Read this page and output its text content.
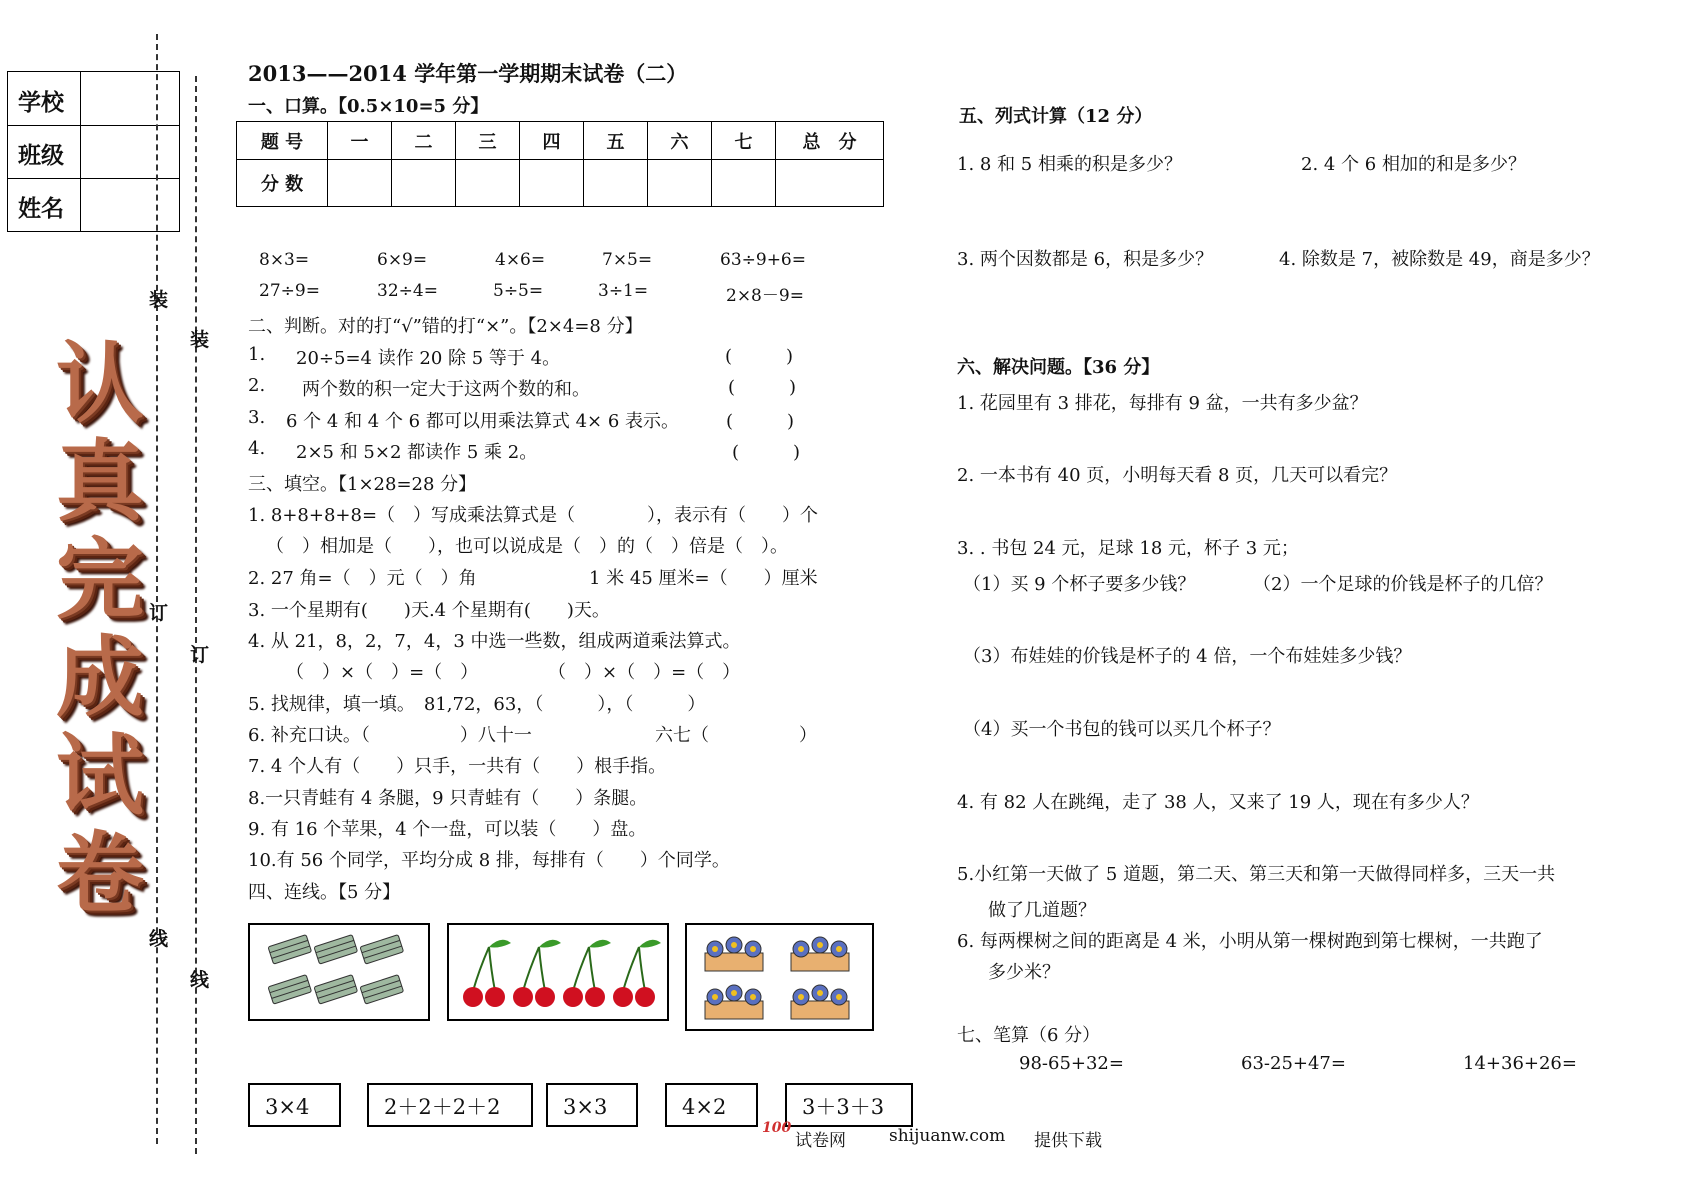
学校
班级
姓名
装
订
线
装
订
线
认
真
完
成
试
卷
2013——2014 学年第一学期期末试卷（二）
一、口算。【0.5×10=5 分】
题 号	一	二	三	四	五	六	七	总　分
分 数								
8×3=	6×9=	4×6=	7×5=	63÷9+6=
27÷9=	32÷4=	5÷5=	3÷1=	2×8－9=
二、判断。对的打“√”错的打“×”。【2×4=8 分】
1. 20÷5=4 读作 20 除 5 等于 4。	(　　　)
2. 两个数的积一定大于这两个数的和。	(　　　)
3. 6 个 4 和 4 个 6 都可以用乘法算式 4× 6 表示。	(　　　)
4. 2×5 和 5×2 都读作 5 乘 2。	(　　　)
三、填空。【1×28=28 分】
1. 8+8+8+8=（　）写成乘法算式是（　　　　），表示有（　　）个
（　）相加是（　　），也可以说成是（　）的（　）倍是（　）。
2. 27 角=（　）元（　）角	1 米 45 厘米=（　　）厘米
3. 一个星期有(　　)天.4 个星期有(　　)天。
4. 从 21，8，2，7，4，3 中选一些数，组成两道乘法算式。
（　）×（　）=（　）	（　）×（　）=（　）
5. 找规律，填一填。　81,72，63，（　　　），（　　　）
6. 补充口诀。（　　　　　）八十一	六七（　　　　　）
7. 4 个人有（　　）只手，一共有（　　）根手指。
8.一只青蛙有 4 条腿，9 只青蛙有（　　）条腿。
9. 有 16 个苹果，4 个一盘，可以装（　　）盘。
10.有 56 个同学，平均分成 8 排，每排有（　　）个同学。
四、连线。【5 分】
3×4	2＋2＋2＋2	3×3	4×2	3＋3＋3
100
试卷网	shijuanw.com 提供下载
五、列式计算（12 分）
1. 8 和 5 相乘的积是多少？	2. 4 个 6 相加的和是多少？
3. 两个因数都是 6，积是多少？	4. 除数是 7，被除数是 49，商是多少？
六、解决问题。【36 分】
1. 花园里有 3 排花，每排有 9 盆，一共有多少盆？
2. 一本书有 40 页，小明每天看 8 页，几天可以看完？
3. . 书包 24 元，足球 18 元，杯子 3 元；
（1）买 9 个杯子要多少钱？	（2）一个足球的价钱是杯子的几倍？
（3）布娃娃的价钱是杯子的 4 倍，一个布娃娃多少钱？
（4）买一个书包的钱可以买几个杯子？
4. 有 82 人在跳绳，走了 38 人，又来了 19 人，现在有多少人？
5.小红第一天做了 5 道题，第二天、第三天和第一天做得同样多，三天一共
做了几道题？
6. 每两棵树之间的距离是 4 米，小明从第一棵树跑到第七棵树，一共跑了
多少米？
七、笔算（6 分）
98-65+32=	63-25+47=	14+36+26=
